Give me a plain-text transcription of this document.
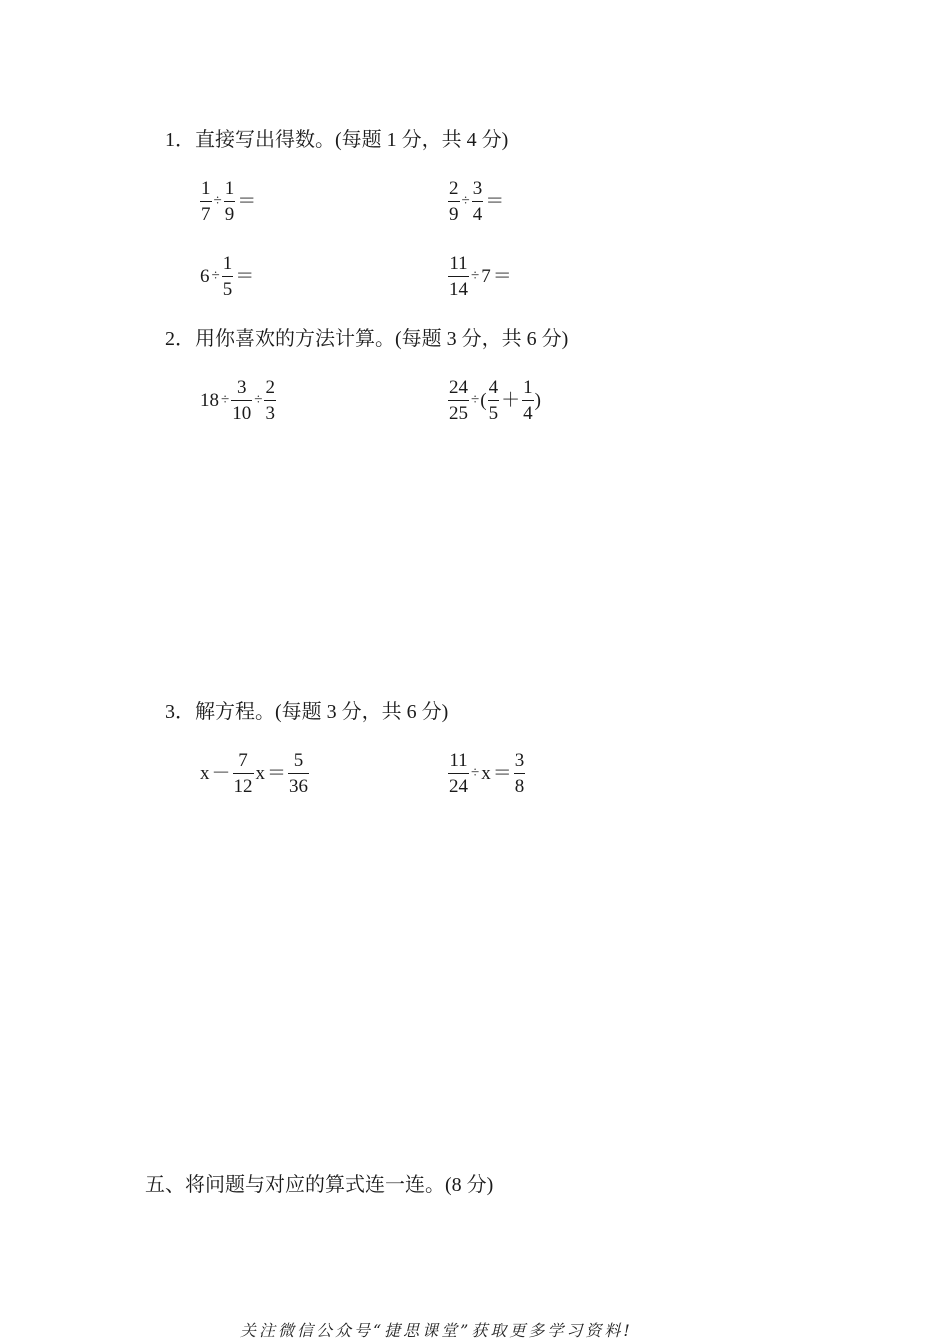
1．直接写出得数。(每题 1 分，共 4 分)
$\frac{1}{7} \div \frac{1}{9}$ ＝	$\frac{2}{9} \div \frac{3}{4}$ ＝
$6 \div \frac{1}{5}$ ＝	$\frac{11}{14} \div 7$ ＝
2．用你喜欢的方法计算。(每题 3 分，共 6 分)
$18 \div \frac{3}{10} \div \frac{2}{3}$	$\frac{24}{25}$ ÷ ( $\frac{4}{5} + \frac{1}{4}$ )
3．解方程。(每题 3 分，共 6 分)
$x - \frac{7}{12}$ $x = \frac{5}{36}$	$\frac{11}{24} \div x = \frac{3}{8}$
五、将问题与对应的算式连一连。(8 分)
关注微信公众号“捷思课堂”获取更多学习资料!
